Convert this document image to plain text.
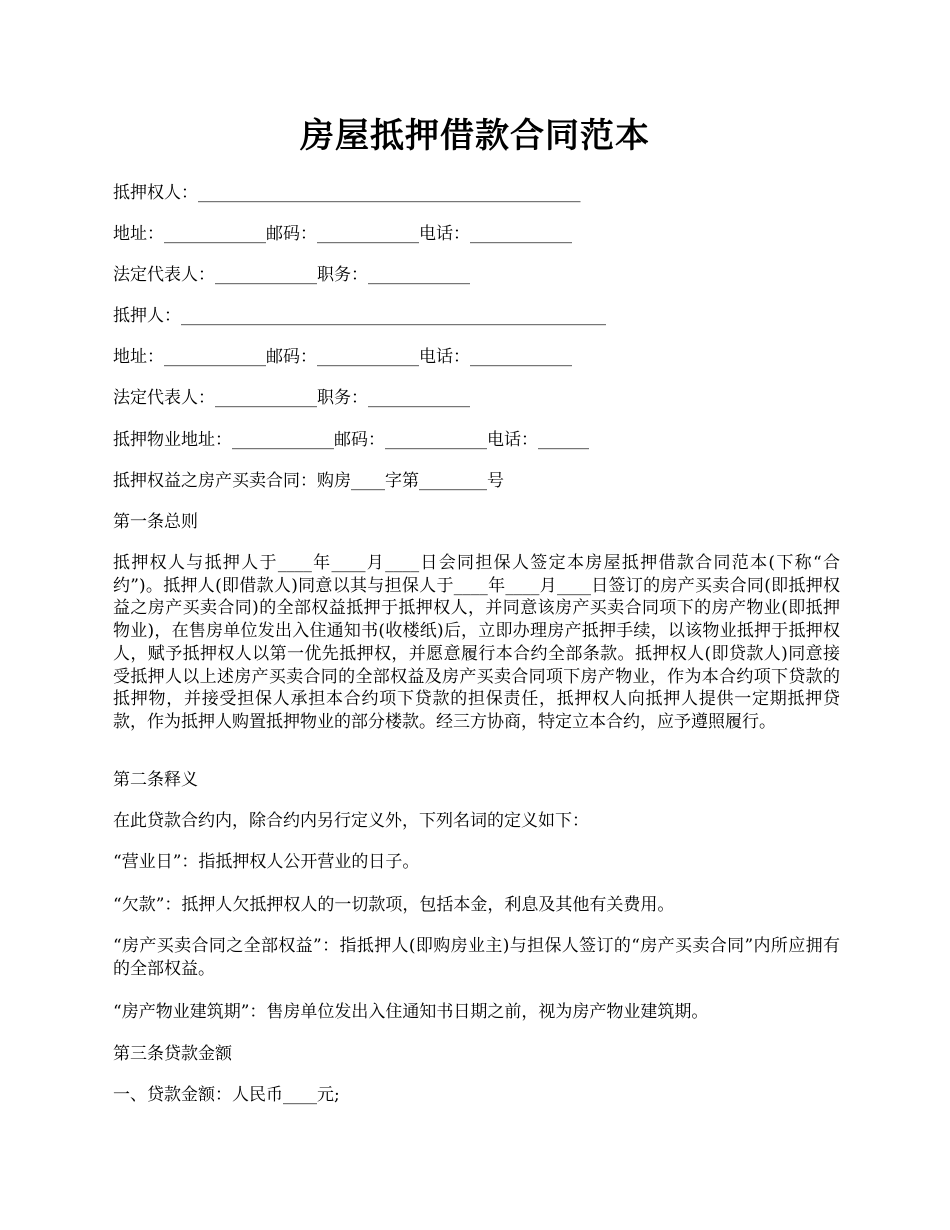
房屋抵押借款合同范本
抵押权人：_____________________________________________
地址：____________邮码：____________电话：____________
法定代表人：____________职务：____________
抵押人：__________________________________________________
地址：____________邮码：____________电话：____________
法定代表人：____________职务：____________
抵押物业地址：____________邮码：____________电话：______
抵押权益之房产买卖合同：购房____字第________号
第一条总则
抵押权人与抵押人于____年____月____日会同担保人签定本房屋抵押借款合同范本(下称“合约”)。抵押人(即借款人)同意以其与担保人于____年____月____日签订的房产买卖合同(即抵押权益之房产买卖合同)的全部权益抵押于抵押权人，并同意该房产买卖合同项下的房产物业(即抵押物业)，在售房单位发出入住通知书(收楼纸)后，立即办理房产抵押手续，以该物业抵押于抵押权人，赋予抵押权人以第一优先抵押权，并愿意履行本合约全部条款。抵押权人(即贷款人)同意接受抵押人以上述房产买卖合同的全部权益及房产买卖合同项下房产物业，作为本合约项下贷款的抵押物，并接受担保人承担本合约项下贷款的担保责任，抵押权人向抵押人提供一定期抵押贷款，作为抵押人购置抵押物业的部分楼款。经三方协商，特定立本合约，应予遵照履行。
第二条释义
在此贷款合约内，除合约内另行定义外，下列名词的定义如下：
“营业日”：指抵押权人公开营业的日子。
“欠款”：抵押人欠抵押权人的一切款项，包括本金，利息及其他有关费用。
“房产买卖合同之全部权益”：指抵押人(即购房业主)与担保人签订的“房产买卖合同”内所应拥有的全部权益。
“房产物业建筑期”：售房单位发出入住通知书日期之前，视为房产物业建筑期。
第三条贷款金额
一、贷款金额：人民币____元;
